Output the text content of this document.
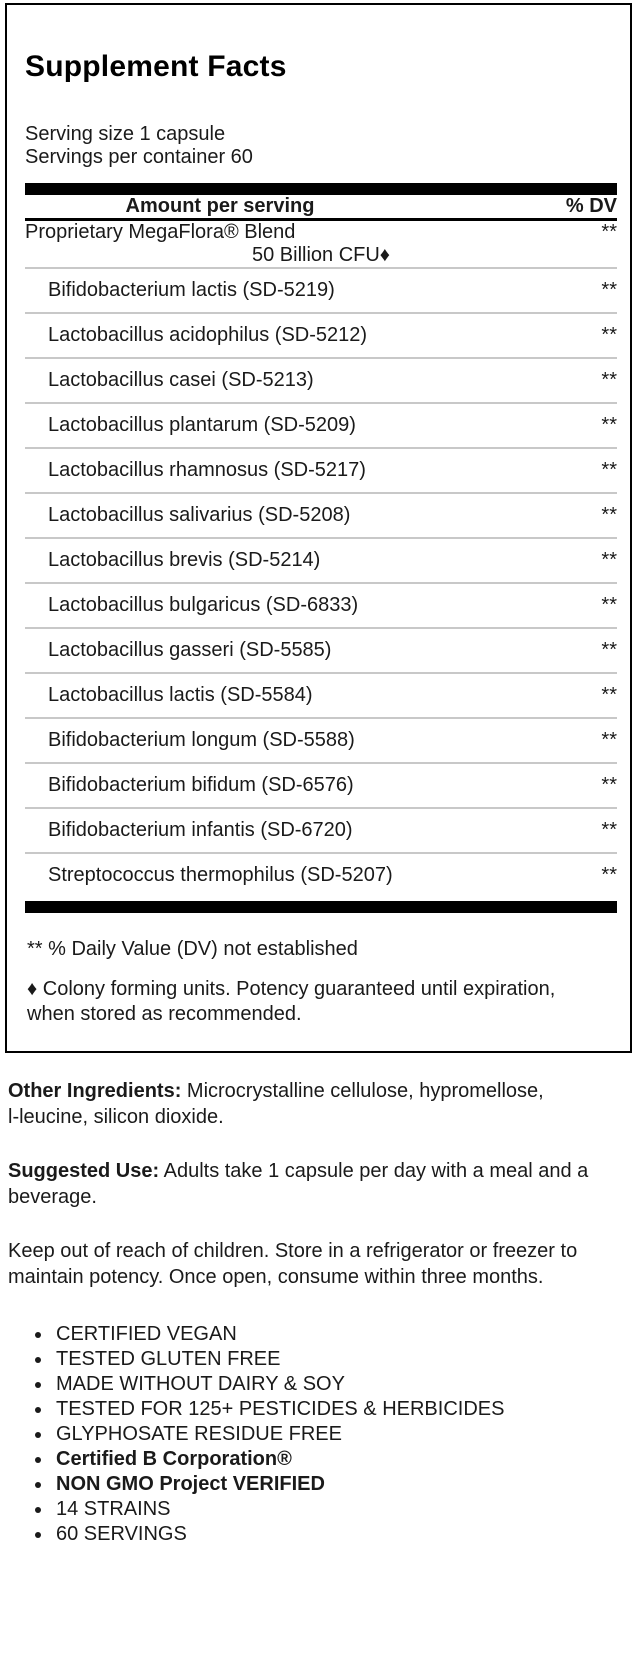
Supplement Facts
Serving size 1 capsule
Servings per container 60
Amount per serving	% DV
Proprietary MegaFlora® Blend	**
50 Billion CFU♦	
Bifidobacterium lactis (SD-5219)	**
Lactobacillus acidophilus (SD-5212)	**
Lactobacillus casei (SD-5213)	**
Lactobacillus plantarum (SD-5209)	**
Lactobacillus rhamnosus (SD-5217)	**
Lactobacillus salivarius (SD-5208)	**
Lactobacillus brevis (SD-5214)	**
Lactobacillus bulgaricus (SD-6833)	**
Lactobacillus gasseri (SD-5585)	**
Lactobacillus lactis (SD-5584)	**
Bifidobacterium longum (SD-5588)	**
Bifidobacterium bifidum (SD-6576)	**
Bifidobacterium infantis (SD-6720)	**
Streptococcus thermophilus (SD-5207)	**

** % Daily Value (DV) not established

♦ Colony forming units. Potency guaranteed until expiration, when stored as recommended.

Other Ingredients: Microcrystalline cellulose, hypromellose, l-leucine, silicon dioxide.

Suggested Use: Adults take 1 capsule per day with a meal and a beverage.

Keep out of reach of children. Store in a refrigerator or freezer to maintain potency. Once open, consume within three months.

• CERTIFIED VEGAN
• TESTED GLUTEN FREE
• MADE WITHOUT DAIRY & SOY
• TESTED FOR 125+ PESTICIDES & HERBICIDES
• GLYPHOSATE RESIDUE FREE
• Certified B Corporation®
• NON GMO Project VERIFIED
• 14 STRAINS
• 60 SERVINGS
